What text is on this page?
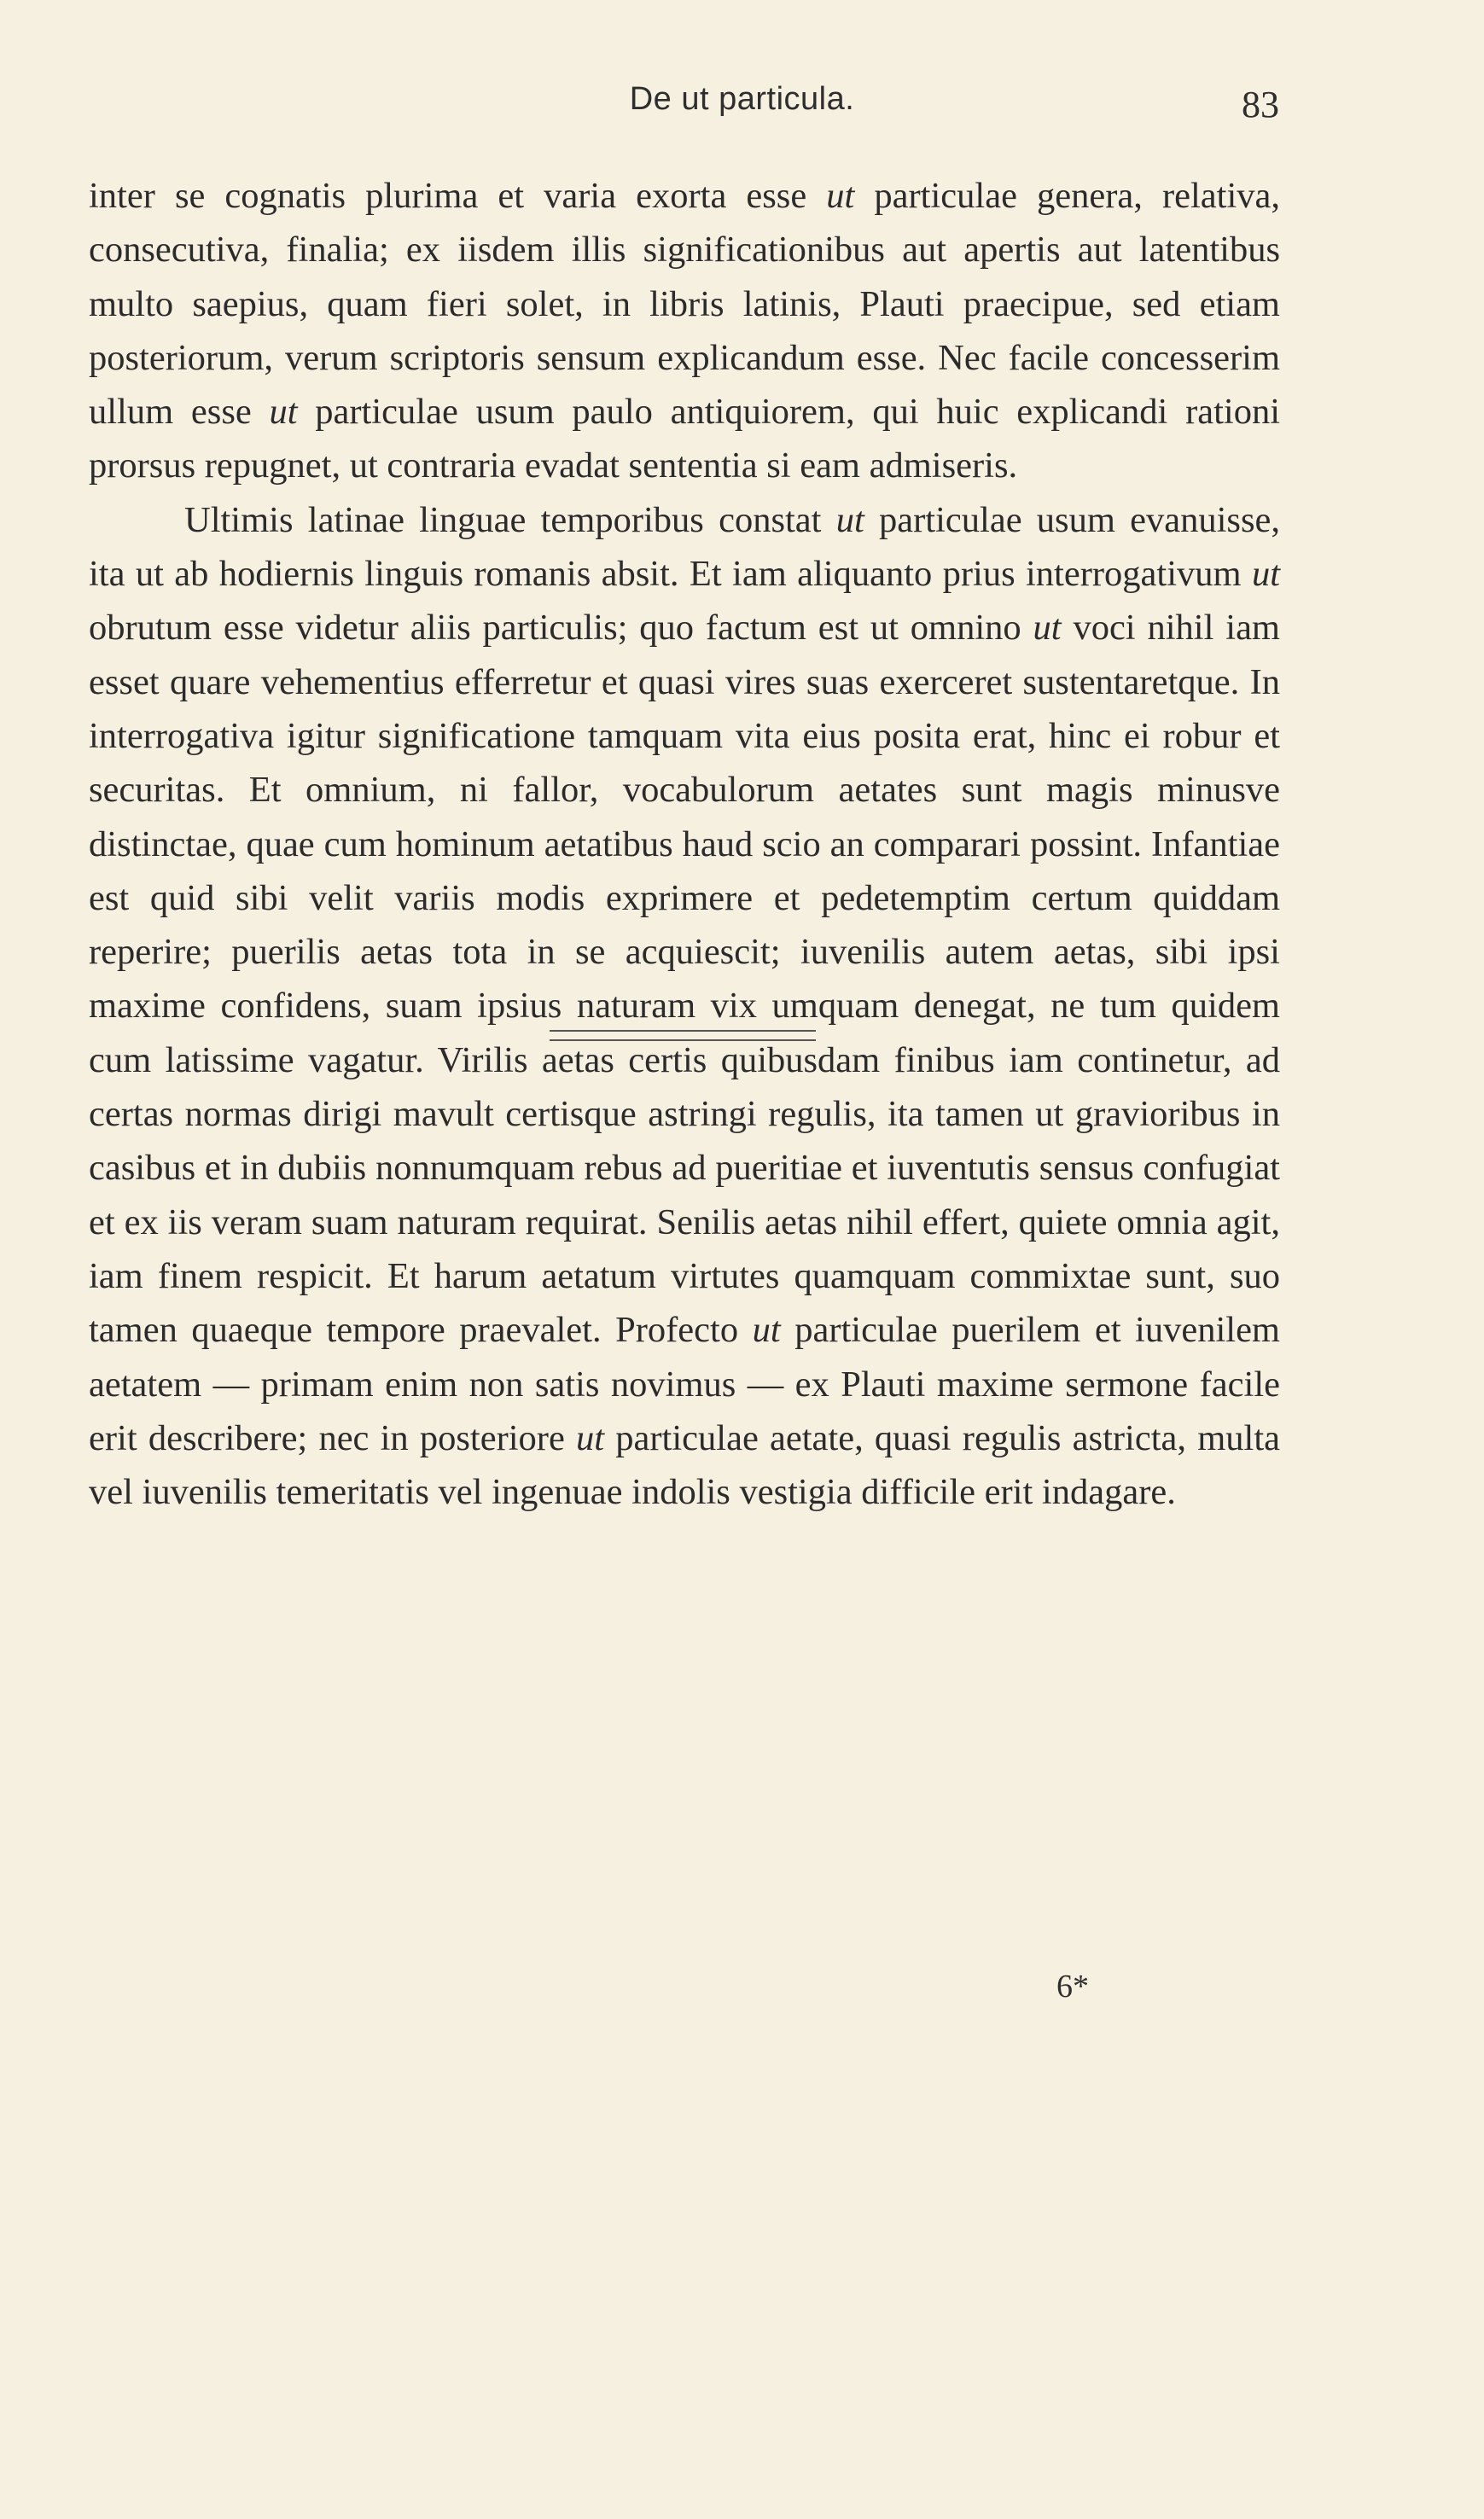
De ut particula.	83

inter se cognatis plurima et varia exorta esse ut particulae genera, relativa, consecutiva, finalia; ex iisdem illis significationibus aut apertis aut latentibus multo saepius, quam fieri solet, in libris latinis, Plauti praecipue, sed etiam posteriorum, verum scriptoris sensum explicandum esse. Nec facile concesserim ullum esse ut particulae usum paulo antiquiorem, qui huic explicandi rationi prorsus repugnet, ut contraria evadat sententia si eam admiseris.

Ultimis latinae linguae temporibus constat ut particulae usum evanuisse, ita ut ab hodiernis linguis romanis absit. Et iam aliquanto prius interrogativum ut obrutum esse videtur aliis particulis; quo factum est ut omnino ut voci nihil iam esset quare vehementius efferretur et quasi vires suas exerceret sustentaretque. In interrogativa igitur significatione tamquam vita eius posita erat, hinc ei robur et securitas. Et omnium, ni fallor, vocabulorum aetates sunt magis minusve distinctae, quae cum hominum aetatibus haud scio an comparari possint. Infantiae est quid sibi velit variis modis exprimere et pedetemptim certum quiddam reperire; puerilis aetas tota in se acquiescit; iuvenilis autem aetas, sibi ipsi maxime confidens, suam ipsius naturam vix umquam denegat, ne tum quidem cum latissime vagatur. Virilis aetas certis quibusdam finibus iam continetur, ad certas normas dirigi mavult certisque astringi regulis, ita tamen ut gravioribus in casibus et in dubiis nonnumquam rebus ad pueritiae et iuventutis sensus confugiat et ex iis veram suam naturam requirat. Senilis aetas nihil effert, quiete omnia agit, iam finem respicit. Et harum aetatum virtutes quamquam commixtae sunt, suo tamen quaeque tempore praevalet. Profecto ut particulae puerilem et iuvenilem aetatem — primam enim non satis novimus — ex Plauti maxime sermone facile erit describere; nec in posteriore ut particulae aetate, quasi regulis astricta, multa vel iuvenilis temeritatis vel ingenuae indolis vestigia difficile erit indagare.

6*
